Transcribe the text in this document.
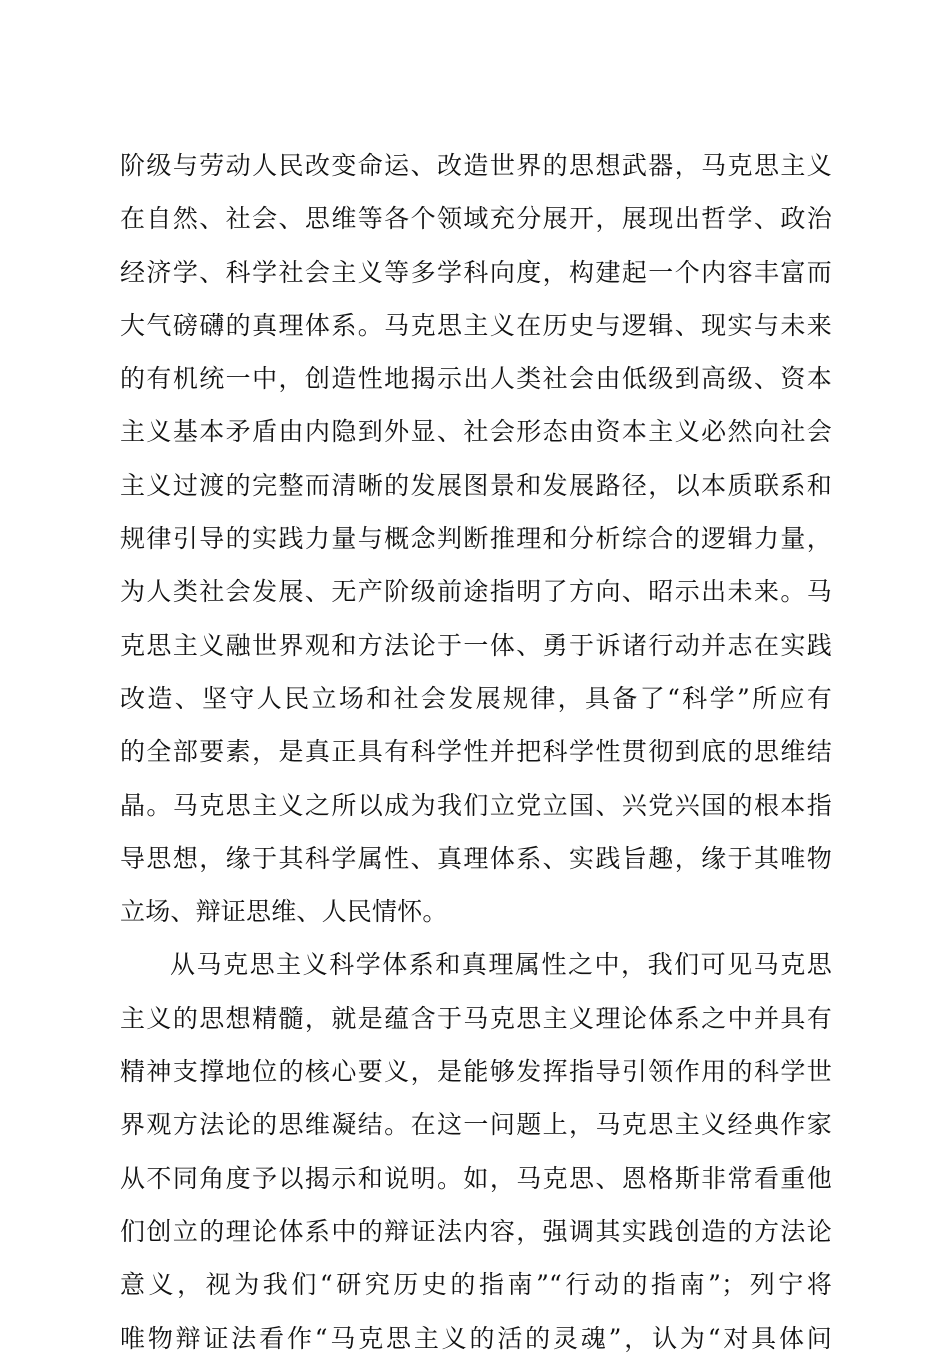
阶级与劳动人民改变命运、改造世界的思想武器，马克思主义
在自然、社会、思维等各个领域充分展开，展现出哲学、政治
经济学、科学社会主义等多学科向度，构建起一个内容丰富而
大气磅礴的真理体系。马克思主义在历史与逻辑、现实与未来
的有机统一中，创造性地揭示出人类社会由低级到高级、资本
主义基本矛盾由内隐到外显、社会形态由资本主义必然向社会
主义过渡的完整而清晰的发展图景和发展路径，以本质联系和
规律引导的实践力量与概念判断推理和分析综合的逻辑力量，
为人类社会发展、无产阶级前途指明了方向、昭示出未来。马
克思主义融世界观和方法论于一体、勇于诉诸行动并志在实践
改造、坚守人民立场和社会发展规律，具备了“科学”所应有
的全部要素，是真正具有科学性并把科学性贯彻到底的思维结
晶。马克思主义之所以成为我们立党立国、兴党兴国的根本指
导思想，缘于其科学属性、真理体系、实践旨趣，缘于其唯物
立场、辩证思维、人民情怀。
从马克思主义科学体系和真理属性之中，我们可见马克思
主义的思想精髓，就是蕴含于马克思主义理论体系之中并具有
精神支撑地位的核心要义，是能够发挥指导引领作用的科学世
界观方法论的思维凝结。在这一问题上，马克思主义经典作家
从不同角度予以揭示和说明。如，马克思、恩格斯非常看重他
们创立的理论体系中的辩证法内容，强调其实践创造的方法论
意义，视为我们“研究历史的指南”“行动的指南”；列宁将
唯物辩证法看作“马克思主义的活的灵魂”，认为“对具体问
